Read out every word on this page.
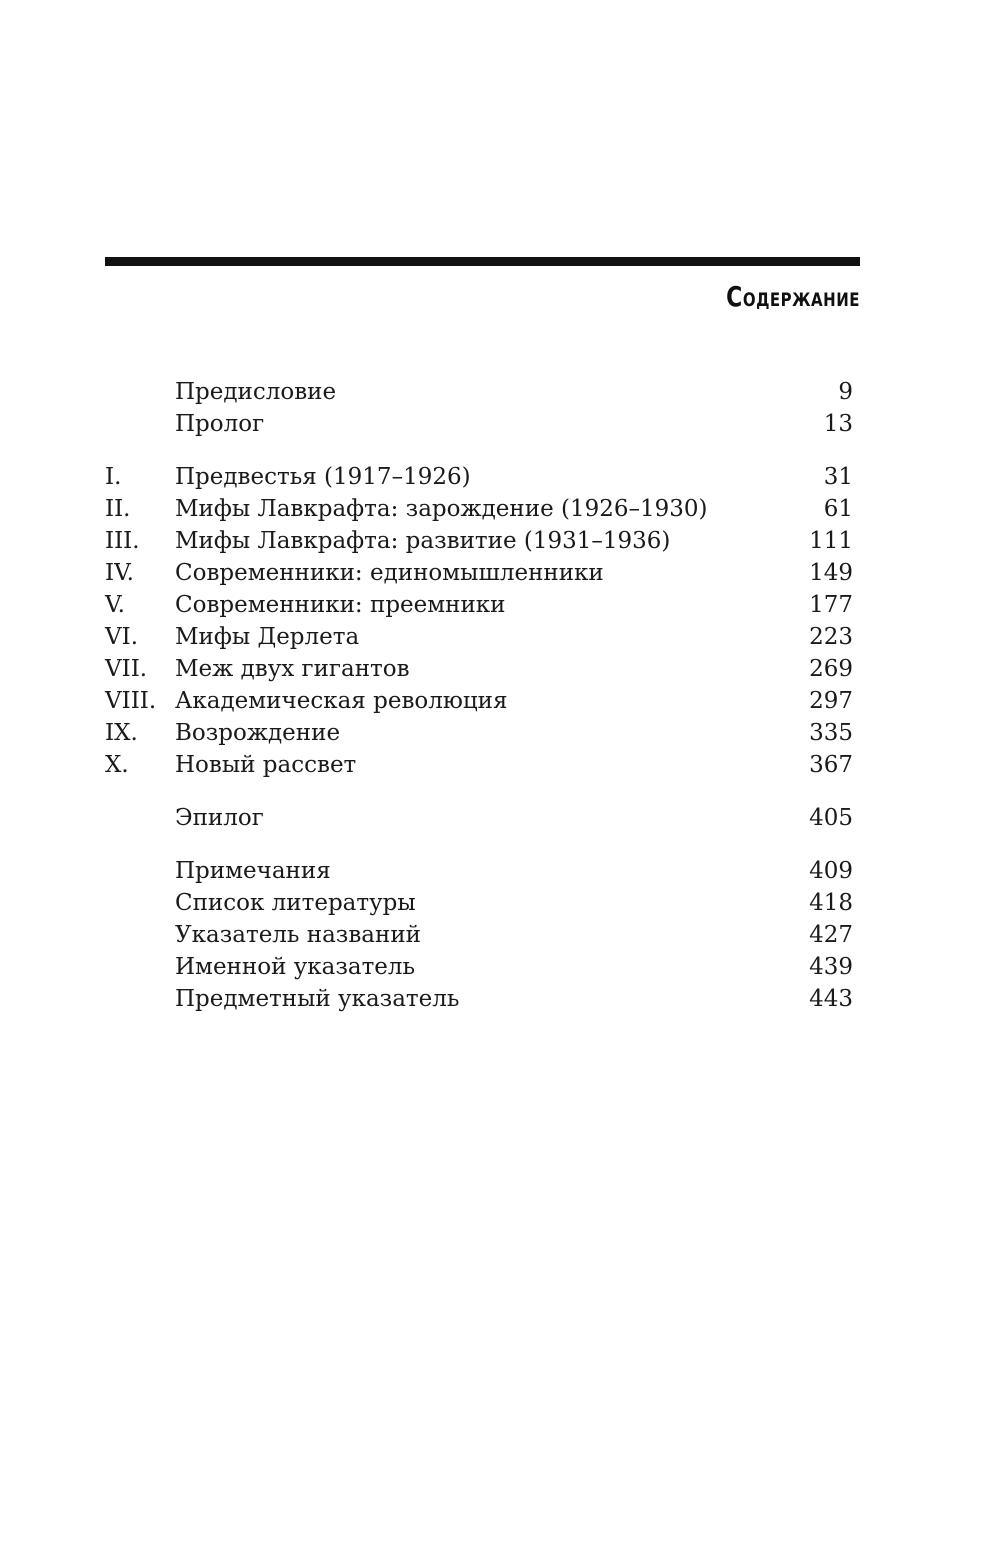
Содержание
Предисловие	9
Пролог	13
I. Предвестья (1917–1926)	31
II. Мифы Лавкрафта: зарождение (1926–1930)	61
III. Мифы Лавкрафта: развитие (1931–1936)	111
IV. Современники: единомышленники	149
V. Современники: преемники	177
VI. Мифы Дерлета	223
VII. Меж двух гигантов	269
VIII. Академическая революция	297
IX. Возрождение	335
X. Новый рассвет	367
Эпилог	405
Примечания	409
Список литературы	418
Указатель названий	427
Именной указатель	439
Предметный указатель	443
